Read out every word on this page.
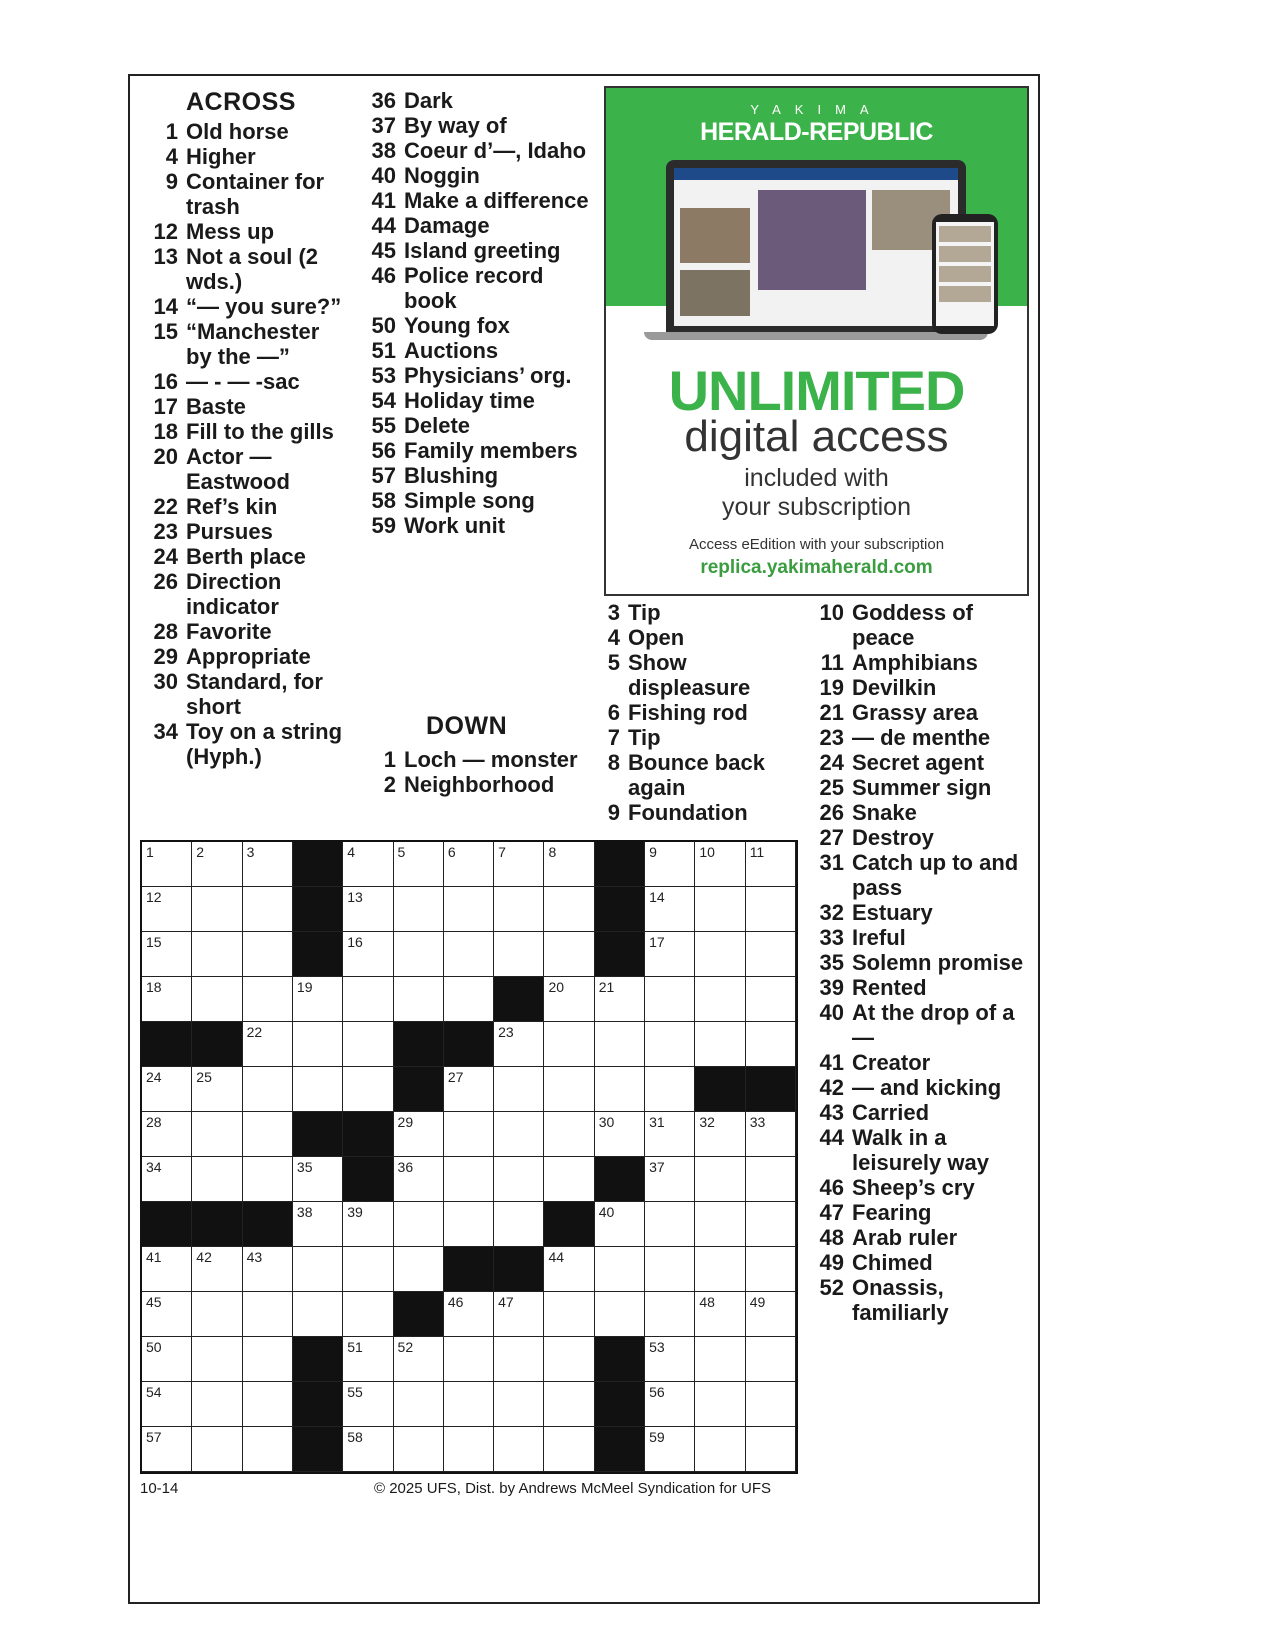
ACROSS
1 Old horse
4 Higher
9 Container for trash
12 Mess up
13 Not a soul (2 wds.)
14 “— you sure?”
15 “Manchester by the —”
16 — - — -sac
17 Baste
18 Fill to the gills
20 Actor — Eastwood
22 Ref’s kin
23 Pursues
24 Berth place
26 Direction indicator
28 Favorite
29 Appropriate
30 Standard, for short
34 Toy on a string (Hyph.)
36 Dark
37 By way of
38 Coeur d’—, Idaho
40 Noggin
41 Make a difference
44 Damage
45 Island greeting
46 Police record book
50 Young fox
51 Auctions
53 Physicians’ org.
54 Holiday time
55 Delete
56 Family members
57 Blushing
58 Simple song
59 Work unit
DOWN
1 Loch — monster
2 Neighborhood
3 Tip
4 Open
5 Show displeasure
6 Fishing rod
7 Tip
8 Bounce back again
9 Foundation
10 Goddess of peace
11 Amphibians
19 Devilkin
21 Grassy area
23 — de menthe
24 Secret agent
25 Summer sign
26 Snake
27 Destroy
31 Catch up to and pass
32 Estuary
33 Ireful
35 Solemn promise
39 Rented
40 At the drop of a —
41 Creator
42 — and kicking
43 Carried
44 Walk in a leisurely way
46 Sheep’s cry
47 Fearing
48 Arab ruler
49 Chimed
52 Onassis, familiarly
YAKIMA
HERALD-REPUBLIC
UNLIMITED
digital access
included with
your subscription
Access eEdition with your subscription
replica.yakimaherald.com
1	2	3	4	5	6	7	8	9	10 11
12	13	14
15	16	17
18	19	20 21
22	23
24 25	27
28	29	30 31 32 33
34	35	36	37
38 39	40
41 42 43	44
45	46 47	48 49
50	51 52	53
54	55	56
57	58	59
10-14	© 2025 UFS, Dist. by Andrews McMeel Syndication for UFS
